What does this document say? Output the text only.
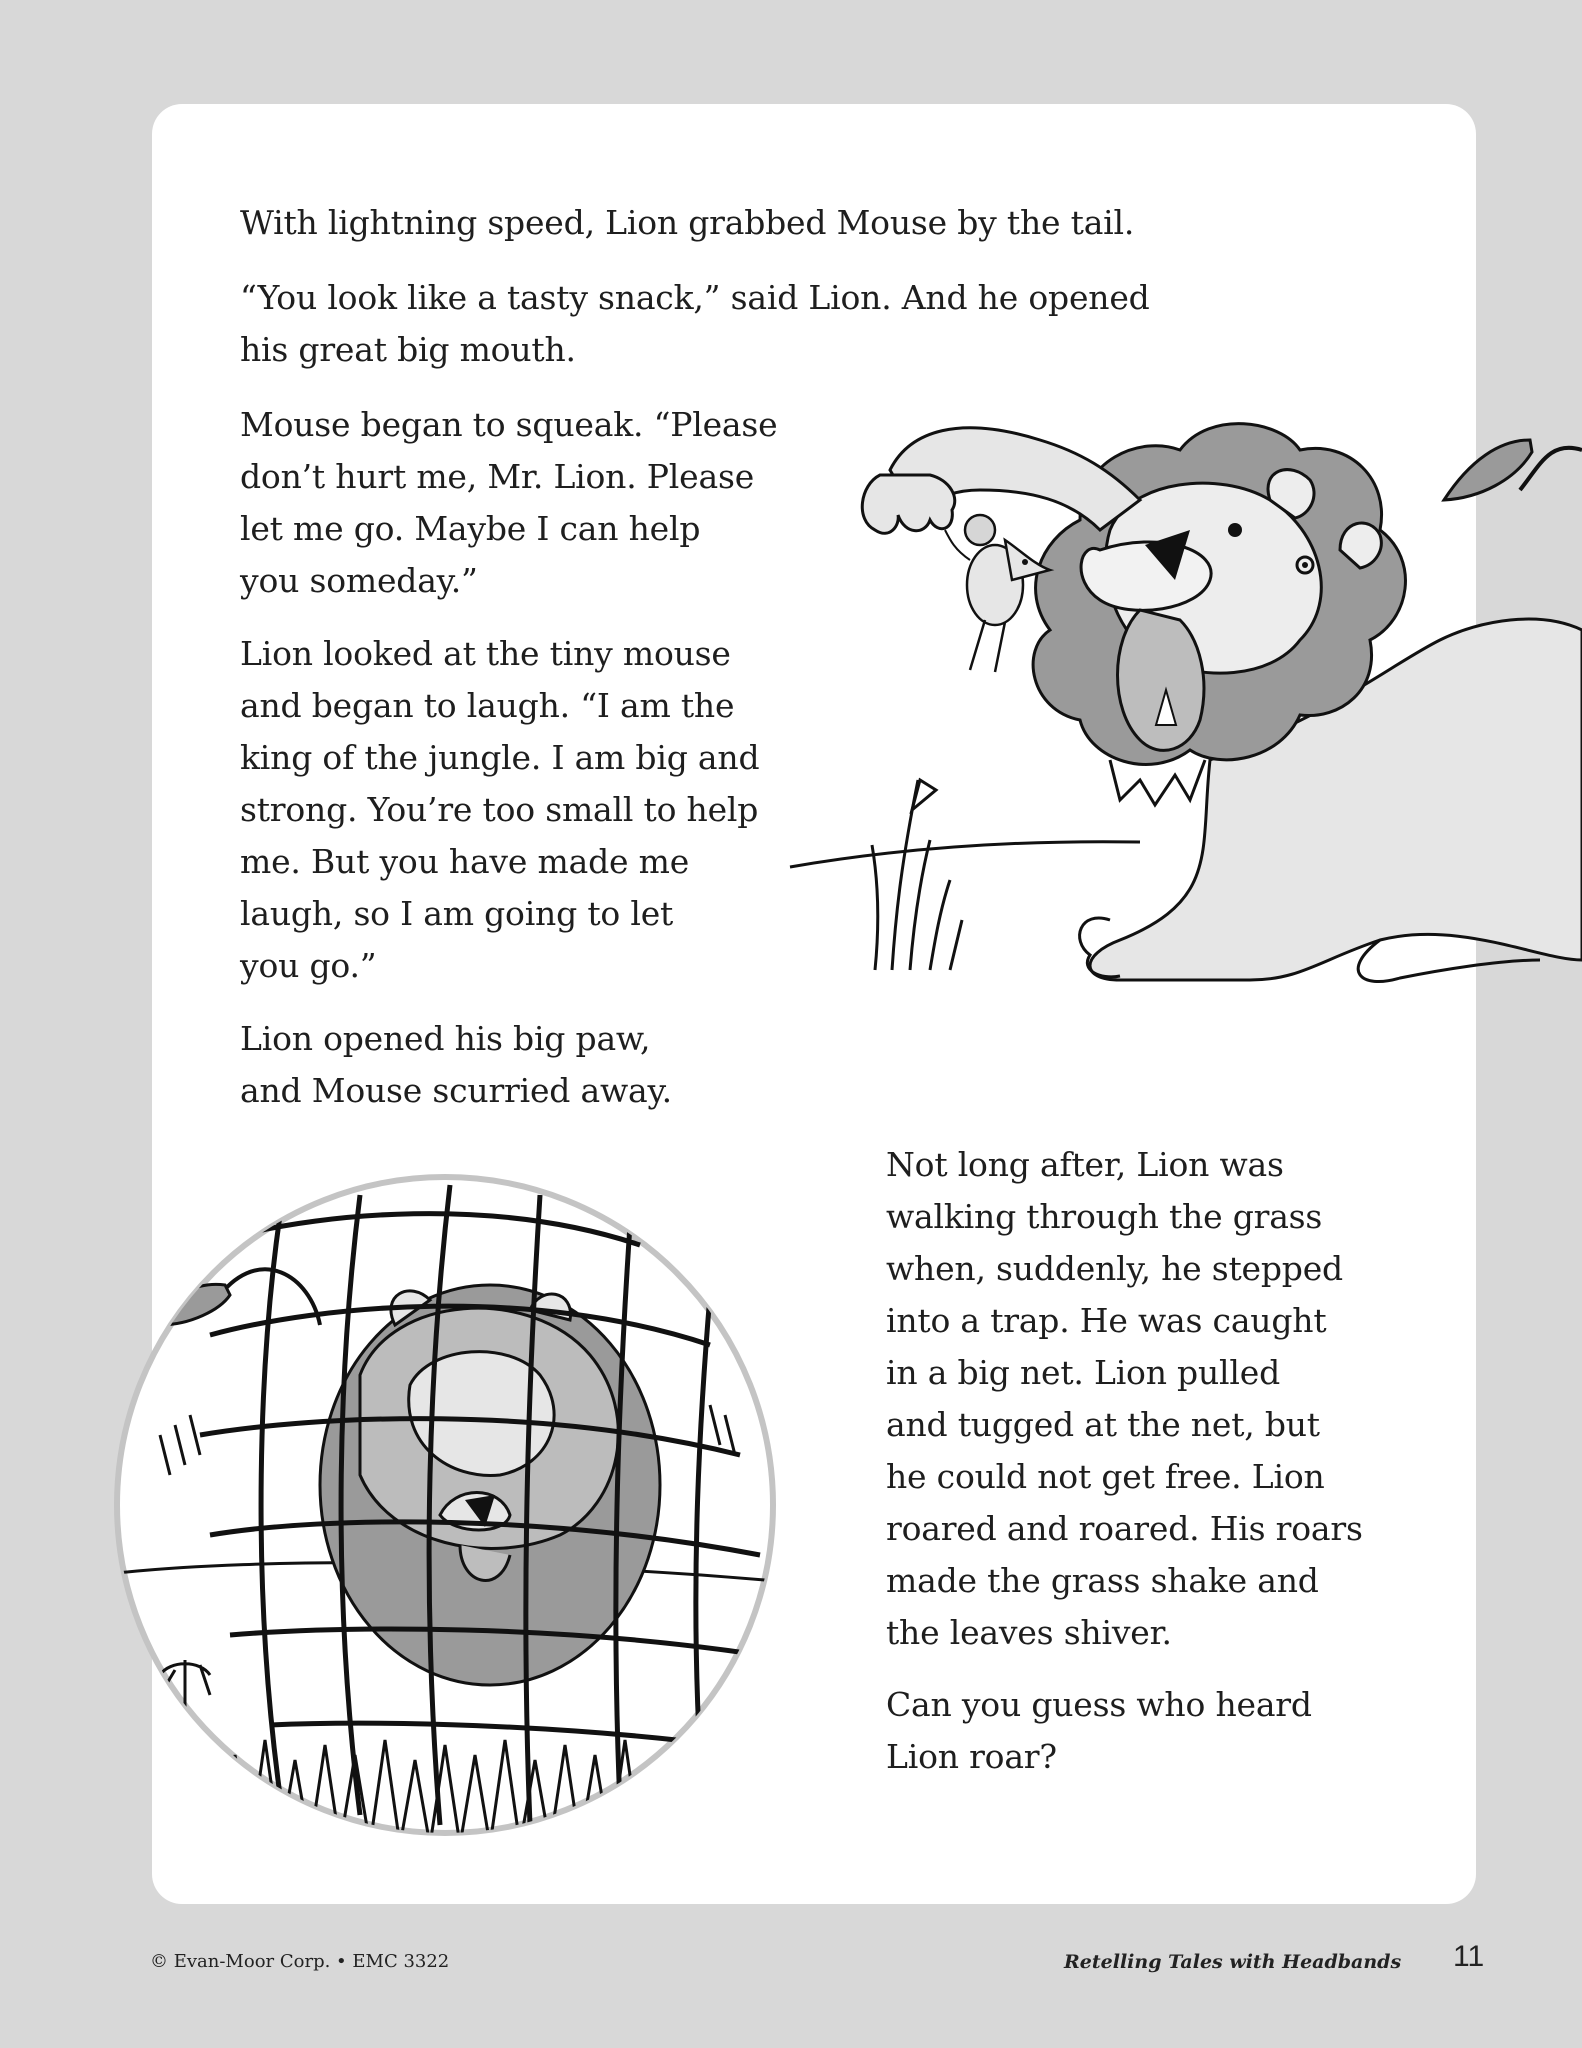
With lightning speed, Lion grabbed Mouse by the tail.

“You look like a tasty snack,” said Lion. And he opened
his great big mouth.

Mouse began to squeak. “Please
don’t hurt me, Mr. Lion. Please
let me go. Maybe I can help
you someday.”

Lion looked at the tiny mouse
and began to laugh. “I am the
king of the jungle. I am big and
strong. You’re too small to help
me. But you have made me
laugh, so I am going to let
you go.”

Lion opened his big paw,
and Mouse scurried away.

Not long after, Lion was
walking through the grass
when, suddenly, he stepped
into a trap. He was caught
in a big net. Lion pulled
and tugged at the net, but
he could not get free. Lion
roared and roared. His roars
made the grass shake and
the leaves shiver.

Can you guess who heard
Lion roar?

© Evan-Moor Corp. • EMC 3322	Retelling Tales with Headbands 11
